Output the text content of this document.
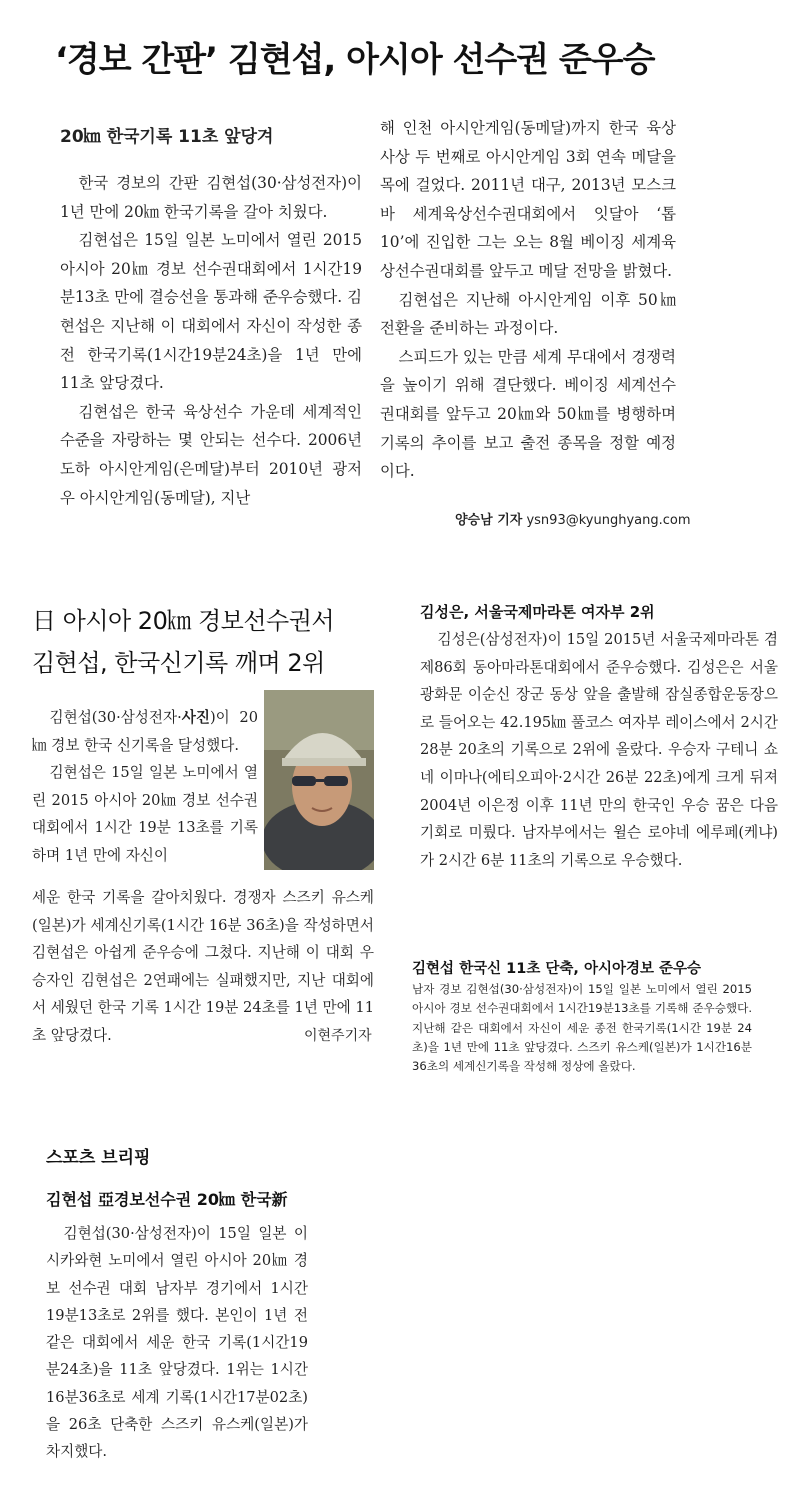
‘경보 간판’ 김현섭, 아시아 선수권 준우승
20㎞ 한국기록 11초 앞당겨

한국 경보의 간판 김현섭(30·삼성전자)이 1년 만에 20㎞ 한국기록을 갈아 치웠다.

김현섭은 15일 일본 노미에서 열린 2015 아시아 20㎞ 경보 선수권대회에서 1시간19분13초 만에 결승선을 통과해 준우승했다. 김현섭은 지난해 이 대회에서 자신이 작성한 종전 한국기록(1시간19분24초)을 1년 만에 11초 앞당겼다.

김현섭은 한국 육상선수 가운데 세계적인 수준을 자랑하는 몇 안되는 선수다. 2006년 도하 아시안게임(은메달)부터 2010년 광저우 아시안게임(동메달), 지난

해 인천 아시안게임(동메달)까지 한국 육상사상 두 번째로 아시안게임 3회 연속 메달을 목에 걸었다. 2011년 대구, 2013년 모스크바 세계육상선수권대회에서 잇달아 ‘톱10’에 진입한 그는 오는 8월 베이징 세계육상선수권대회를 앞두고 메달 전망을 밝혔다.

김현섭은 지난해 아시안게임 이후 50㎞ 전환을 준비하는 과정이다.

스피드가 있는 만큼 세계 무대에서 경쟁력을 높이기 위해 결단했다. 베이징 세계선수권대회를 앞두고 20㎞와 50㎞를 병행하며 기록의 추이를 보고 출전 종목을 정할 예정이다.

양승남 기자 ysn93@kyunghyang.com
日 아시아 20㎞ 경보선수권서
김현섭, 한국신기록 깨며 2위

김현섭(30·삼성전자·사진)이 20㎞ 경보 한국 신기록을 달성했다.

김현섭은 15일 일본 노미에서 열린 2015 아시아 20㎞ 경보 선수권대회에서 1시간 19분 13초를 기록하며 1년 만에 자신이

세운 한국 기록을 갈아치웠다. 경쟁자 스즈키 유스케(일본)가 세계신기록(1시간 16분 36초)을 작성하면서 김현섭은 아쉽게 준우승에 그쳤다. 지난해 이 대회 우승자인 김현섭은 2연패에는 실패했지만, 지난 대회에서 세웠던 한국 기록 1시간 19분 24초를 1년 만에 11초 앞당겼다.	이현주기자
김성은, 서울국제마라톤 여자부 2위

김성은(삼성전자)이 15일 2015년 서울국제마라톤 겸 제86회 동아마라톤대회에서 준우승했다. 김성은은 서울 광화문 이순신 장군 동상 앞을 출발해 잠실종합운동장으로 들어오는 42.195㎞ 풀코스 여자부 레이스에서 2시간 28분 20초의 기록으로 2위에 올랐다. 우승자 구테니 쇼네 이마나(에티오피아·2시간 26분 22초)에게 크게 뒤져 2004년 이은정 이후 11년 만의 한국인 우승 꿈은 다음 기회로 미뤘다. 남자부에서는 윌슨 로야네 에루페(케냐)가 2시간 6분 11초의 기록으로 우승했다.

김현섭 한국신 11초 단축, 아시아경보 준우승

남자 경보 김현섭(30·삼성전자)이 15일 일본 노미에서 열린 2015 아시아 경보 선수권대회에서 1시간19분13초를 기록해 준우승했다. 지난해 같은 대회에서 자신이 세운 종전 한국기록(1시간 19분 24초)을 1년 만에 11초 앞당겼다. 스즈키 유스케(일본)가 1시간16분36초의 세계신기록을 작성해 정상에 올랐다.

스포츠 브리핑
김현섭 亞경보선수권 20㎞ 한국新

김현섭(30·삼성전자)이 15일 일본 이시카와현 노미에서 열린 아시아 20㎞ 경보 선수권 대회 남자부 경기에서 1시간19분13초로 2위를 했다. 본인이 1년 전 같은 대회에서 세운 한국 기록(1시간19분24초)을 11초 앞당겼다. 1위는 1시간16분36초로 세계 기록(1시간17분02초)을 26초 단축한 스즈키 유스케(일본)가 차지했다.
